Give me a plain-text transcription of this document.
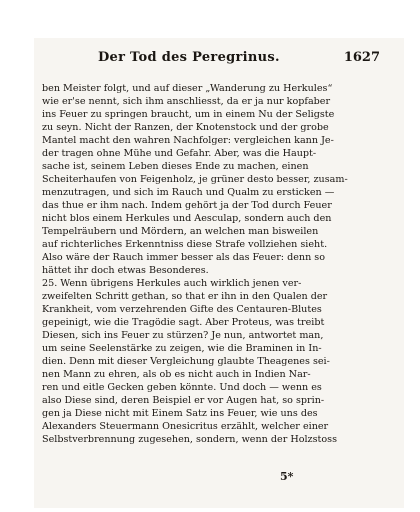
Der Tod des Peregrinus.	1627
ben Meister folgt, und auf dieser „Wanderung zu Herkules“
wie er'se nennt, sich ihm anschliesst, da er ja nur kopfaber
ins Feuer zu springen braucht, um in einem Nu der Seligste
zu seyn. Nicht der Ranzen, der Knotenstock und der grobe
Mantel macht den wahren Nachfolger: vergleichen kann Je-
der tragen ohne Mühe und Gefahr. Aber, was die Haupt-
sache ist, seinem Leben dieses Ende zu machen, einen
Scheiterhaufen von Feigenholz, je grüner desto besser, zusam-
menzutragen, und sich im Rauch und Qualm zu ersticken —
das thue er ihm nach. Indem gehört ja der Tod durch Feuer
nicht blos einem Herkules und Aesculap, sondern auch den
Tempelräubern und Mördern, an welchen man bisweilen
auf richterliches Erkenntniss diese Strafe vollziehen sieht.
Also wäre der Rauch immer besser als das Feuer: denn so
hättet ihr doch etwas Besonderes.
25. Wenn übrigens Herkules auch wirklich jenen ver-
zweifelten Schritt gethan, so that er ihn in den Qualen der
Krankheit, vom verzehrenden Gifte des Centauren-Blutes
gepeinigt, wie die Tragödie sagt. Aber Proteus, was treibt
Diesen, sich ins Feuer zu stürzen? Je nun, antwortet man,
um seine Seelenstärke zu zeigen, wie die Braminen in In-
dien. Denn mit dieser Vergleichung glaubte Theagenes sei-
nen Mann zu ehren, als ob es nicht auch in Indien Nar-
ren und eitle Gecken geben könnte. Und doch — wenn es
also Diese sind, deren Beispiel er vor Augen hat, so sprin-
gen ja Diese nicht mit Einem Satz ins Feuer, wie uns des
Alexanders Steuermann Onesicritus erzählt, welcher einer
Selbstverbrennung zugesehen, sondern, wenn der Holzstoss
5*
